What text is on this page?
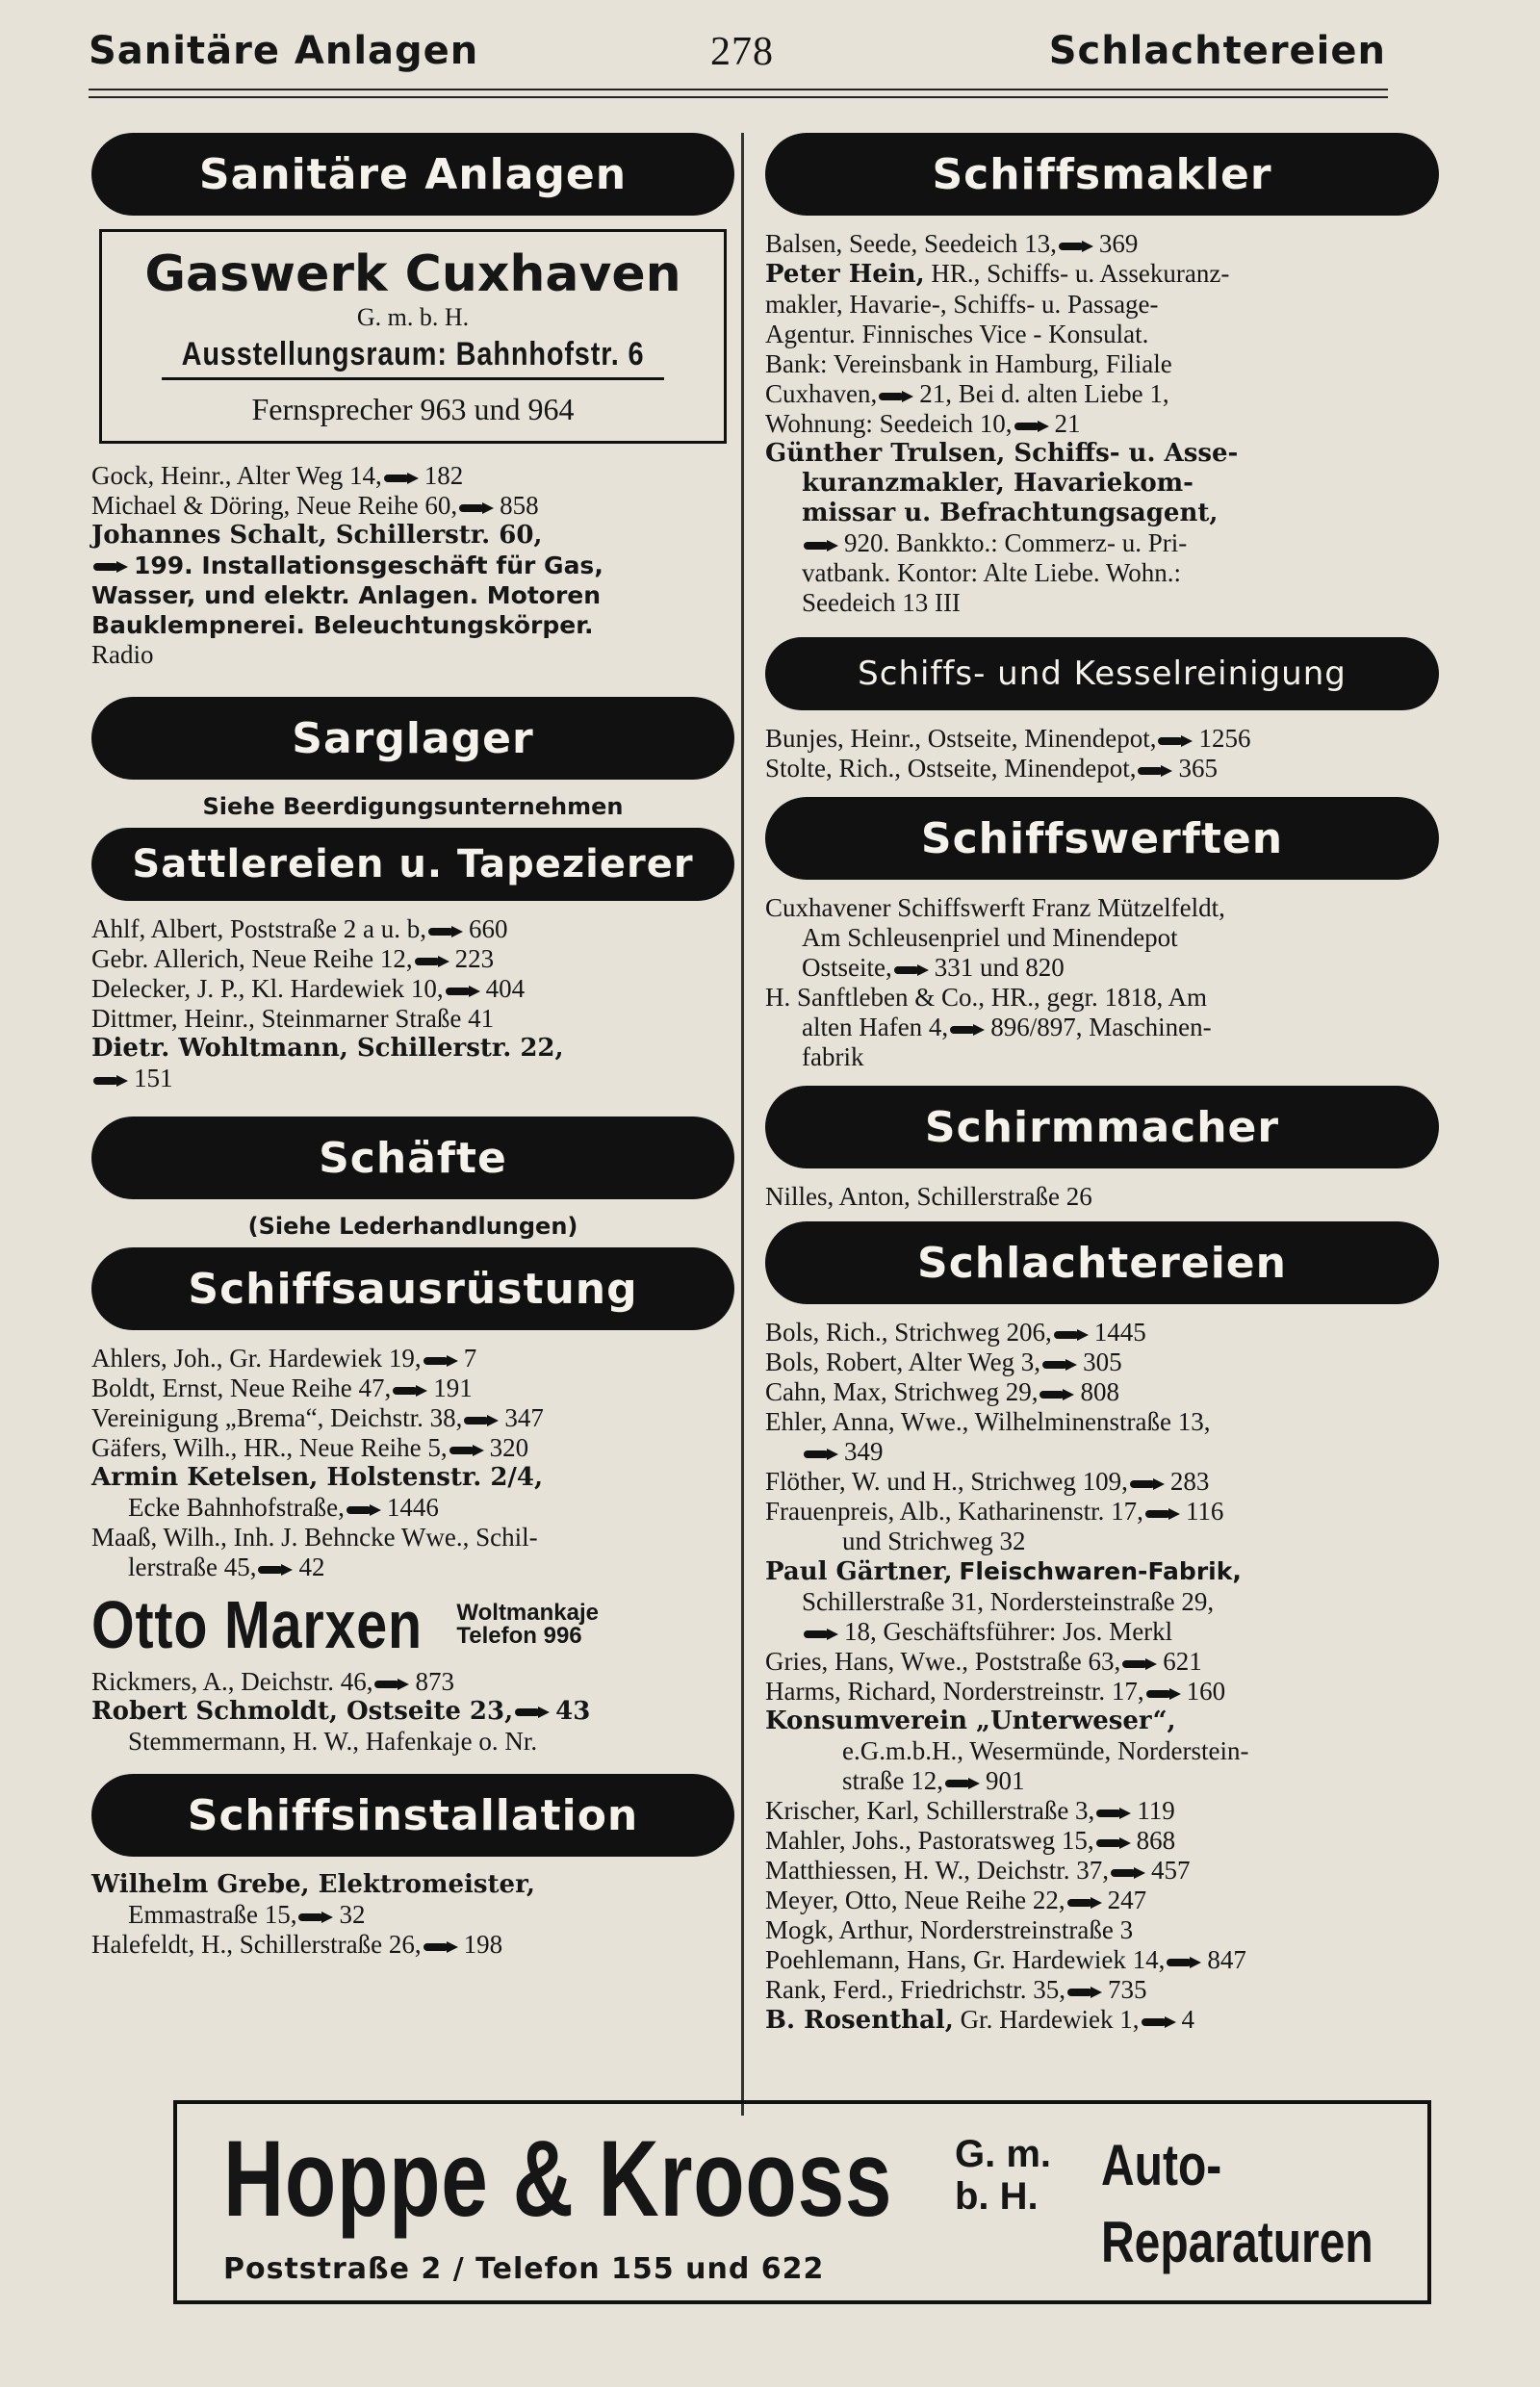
Sanitäre Anlagen	278	Schlachtereien
Sanitäre Anlagen
Gaswerk Cuxhaven
G. m. b. H.
Ausstellungsraum: Bahnhofstr. 6
Fernsprecher 963 und 964
Gock, Heinr., Alter Weg 14, 182
Michael & Döring, Neue Reihe 60, 858
Johannes Schalt, Schillerstr. 60,
199. Installationsgeschäft für Gas,
Wasser, und elektr. Anlagen. Motoren
Bauklempnerei. Beleuchtungskörper.
Radio
Sarglager
Siehe Beerdigungsunternehmen
Sattlereien u. Tapezierer
Ahlf, Albert, Poststraße 2 a u. b, 660
Gebr. Allerich, Neue Reihe 12, 223
Delecker, J. P., Kl. Hardewiek 10, 404
Dittmer, Heinr., Steinmarner Straße 41
Dietr. Wohltmann, Schillerstr. 22,
151
Schäfte
(Siehe Lederhandlungen)
Schiffsausrüstung
Ahlers, Joh., Gr. Hardewiek 19, 7
Boldt, Ernst, Neue Reihe 47, 191
Vereinigung „Brema“, Deichstr. 38, 347
Gäfers, Wilh., HR., Neue Reihe 5, 320
Armin Ketelsen, Holstenstr. 2/4,
Ecke Bahnhofstraße, 1446
Maaß, Wilh., Inh. J. Behncke Wwe., Schil-
lerstraße 45, 42
Otto Marxen Woltmankaje
Telefon 996
Rickmers, A., Deichstr. 46, 873
Robert Schmoldt, Ostseite 23, 43
Stemmermann, H. W., Hafenkaje o. Nr.
Schiffsinstallation
Wilhelm Grebe, Elektromeister,
Emmastraße 15, 32
Halefeldt, H., Schillerstraße 26, 198
Schiffsmakler
Balsen, Seede, Seedeich 13, 369
Peter Hein, HR., Schiffs- u. Assekuranz-
makler, Havarie-, Schiffs- u. Passage-
Agentur. Finnisches Vice - Konsulat.
Bank: Vereinsbank in Hamburg, Filiale
Cuxhaven, 21, Bei d. alten Liebe 1,
Wohnung: Seedeich 10, 21
Günther Trulsen, Schiffs- u. Asse-
kuranzmakler, Havariekom-
missar u. Befrachtungsagent,
920. Bankkto.: Commerz- u. Pri-
vatbank. Kontor: Alte Liebe. Wohn.:
Seedeich 13 III
Schiffs- und Kesselreinigung
Bunjes, Heinr., Ostseite, Minendepot, 1256
Stolte, Rich., Ostseite, Minendepot, 365
Schiffswerften
Cuxhavener Schiffswerft Franz Mützelfeldt,
Am Schleusenpriel und Minendepot
Ostseite, 331 und 820
H. Sanftleben & Co., HR., gegr. 1818, Am
alten Hafen 4, 896/897, Maschinen-
fabrik
Schirmmacher
Nilles, Anton, Schillerstraße 26
Schlachtereien
Bols, Rich., Strichweg 206, 1445
Bols, Robert, Alter Weg 3, 305
Cahn, Max, Strichweg 29, 808
Ehler, Anna, Wwe., Wilhelminenstraße 13,
349
Flöther, W. und H., Strichweg 109, 283
Frauenpreis, Alb., Katharinenstr. 17, 116
und Strichweg 32
Paul Gärtner, Fleischwaren-Fabrik,
Schillerstraße 31, Nordersteinstraße 29,
18, Geschäftsführer: Jos. Merkl
Gries, Hans, Wwe., Poststraße 63, 621
Harms, Richard, Norderstreinstr. 17, 160
Konsumverein „Unterweser“,
e.G.m.b.H., Wesermünde, Norderstein-
straße 12, 901
Krischer, Karl, Schillerstraße 3, 119
Mahler, Johs., Pastoratsweg 15, 868
Matthiessen, H. W., Deichstr. 37, 457
Meyer, Otto, Neue Reihe 22, 247
Mogk, Arthur, Norderstreinstraße 3
Poehlemann, Hans, Gr. Hardewiek 14, 847
Rank, Ferd., Friedrichstr. 35, 735
B. Rosenthal, Gr. Hardewiek 1, 4
Hoppe & Krooss G. m.
b. H.
Poststraße 2 / Telefon 155 und 622
Auto-
Reparaturen
